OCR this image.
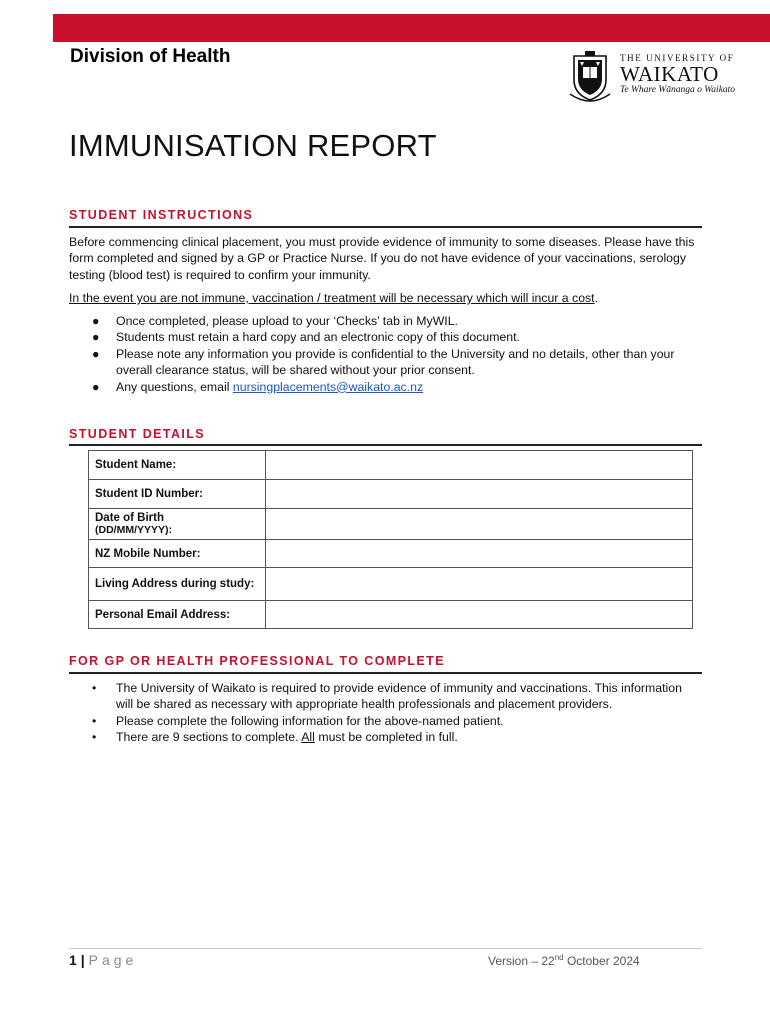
Division of Health	THE UNIVERSITY OF
WAIKATO
Te Whare Wānanga o Waikato
IMMUNISATION REPORT
STUDENT INSTRUCTIONS
Before commencing clinical placement, you must provide evidence of immunity to some diseases. Please have this form completed and signed by a GP or Practice Nurse. If you do not have evidence of your vaccinations, serology testing (blood test) is required to confirm your immunity.
In the event you are not immune, vaccination / treatment will be necessary which will incur a cost.
● Once completed, please upload to your ‘Checks’ tab in MyWIL.
● Students must retain a hard copy and an electronic copy of this document.
● Please note any information you provide is confidential to the University and no details, other than your overall clearance status, will be shared without your prior consent.
● Any questions, email nursingplacements@waikato.ac.nz
STUDENT DETAILS
Student Name:	
Student ID Number:	
Date of Birth
(DD/MM/YYYY):	
NZ Mobile Number:	
Living Address during study:	
Personal Email Address:	
FOR GP OR HEALTH PROFESSIONAL TO COMPLETE
• The University of Waikato is required to provide evidence of immunity and vaccinations. This information will be shared as necessary with appropriate health professionals and placement providers.
• Please complete the following information for the above-named patient.
• There are 9 sections to complete. All must be completed in full.
1 | Page	Version – 22nd October 2024
